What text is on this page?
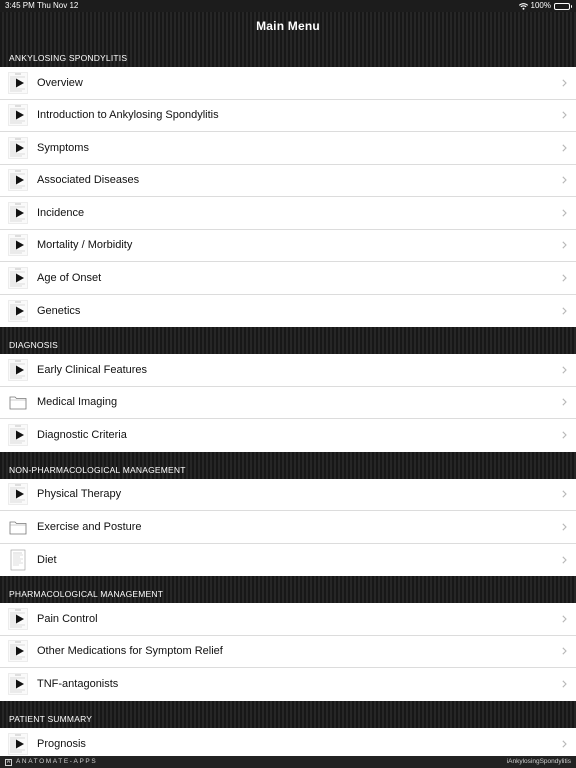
3:45 PM Thu Nov 12	100%
Main Menu
ANKYLOSING SPONDYLITIS
Overview
Introduction to Ankylosing Spondylitis
Symptoms
Associated Diseases
Incidence
Mortality / Morbidity
Age of Onset
Genetics
DIAGNOSIS
Early Clinical Features
Medical Imaging
Diagnostic Criteria
NON-PHARMACOLOGICAL MANAGEMENT
Physical Therapy
Exercise and Posture
Diet
PHARMACOLOGICAL MANAGEMENT
Pain Control
Other Medications for Symptom Relief
TNF-antagonists
PATIENT SUMMARY
Prognosis
A ANATOMATE-APPS	iAnkylosingSpondylitis
